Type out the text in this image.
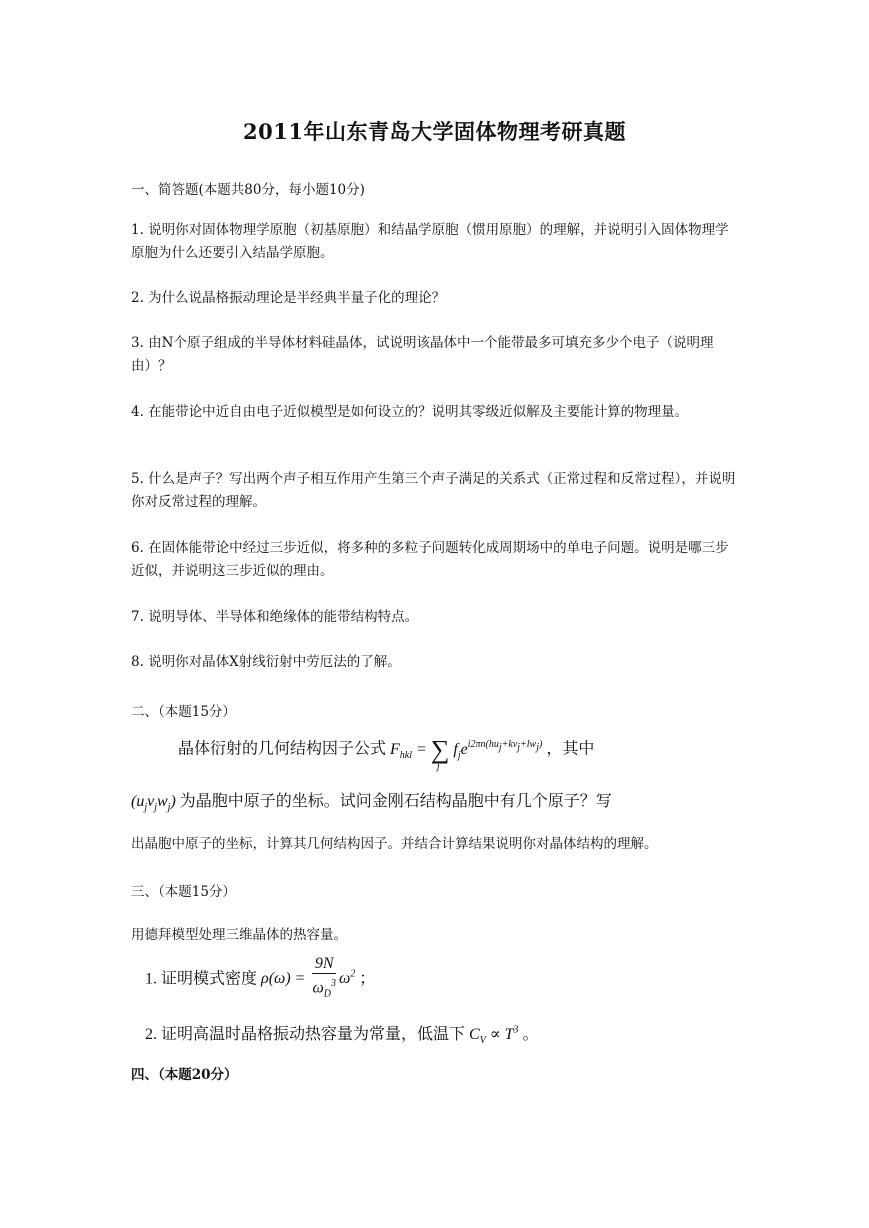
2011年山东青岛大学固体物理考研真题
一、简答题(本题共80分，每小题10分)
1. 说明你对固体物理学原胞（初基原胞）和结晶学原胞（惯用原胞）的理解，并说明引入固体物理学原胞为什么还要引入结晶学原胞。
2. 为什么说晶格振动理论是半经典半量子化的理论？
3. 由N个原子组成的半导体材料硅晶体，试说明该晶体中一个能带最多可填充多少个电子（说明理由）？
4. 在能带论中近自由电子近似模型是如何设立的？说明其零级近似解及主要能计算的物理量。
5. 什么是声子？写出两个声子相互作用产生第三个声子满足的关系式（正常过程和反常过程），并说明你对反常过程的理解。
6. 在固体能带论中经过三步近似，将多种的多粒子问题转化成周期场中的单电子问题。说明是哪三步近似，并说明这三步近似的理由。
7. 说明导体、半导体和绝缘体的能带结构特点。
8. 说明你对晶体X射线衍射中劳厄法的了解。
二、（本题15分）
晶体衍射的几何结构因子公式 $F_{hkl}$ = ∑
j
$f_je^{i2\pi n(hu_j+kv_j+lw_j)}$ ，其中
$(u_jv_jw_j)$ 为晶胞中原子的坐标。试问金刚石结构晶胞中有几个原子？写
出晶胞中原子的坐标，计算其几何结构因子。并结合计算结果说明你对晶体结构的理解。
三、（本题15分）
用德拜模型处理三维晶体的热容量。
1. 证明模式密度 $\rho(\omega) = \frac{9N}{\omega_D^3} \omega^2$ ；
2. 证明高温时晶格振动热容量为常量，低温下 $C_V \propto T^3$ 。
四、（本题20分）
